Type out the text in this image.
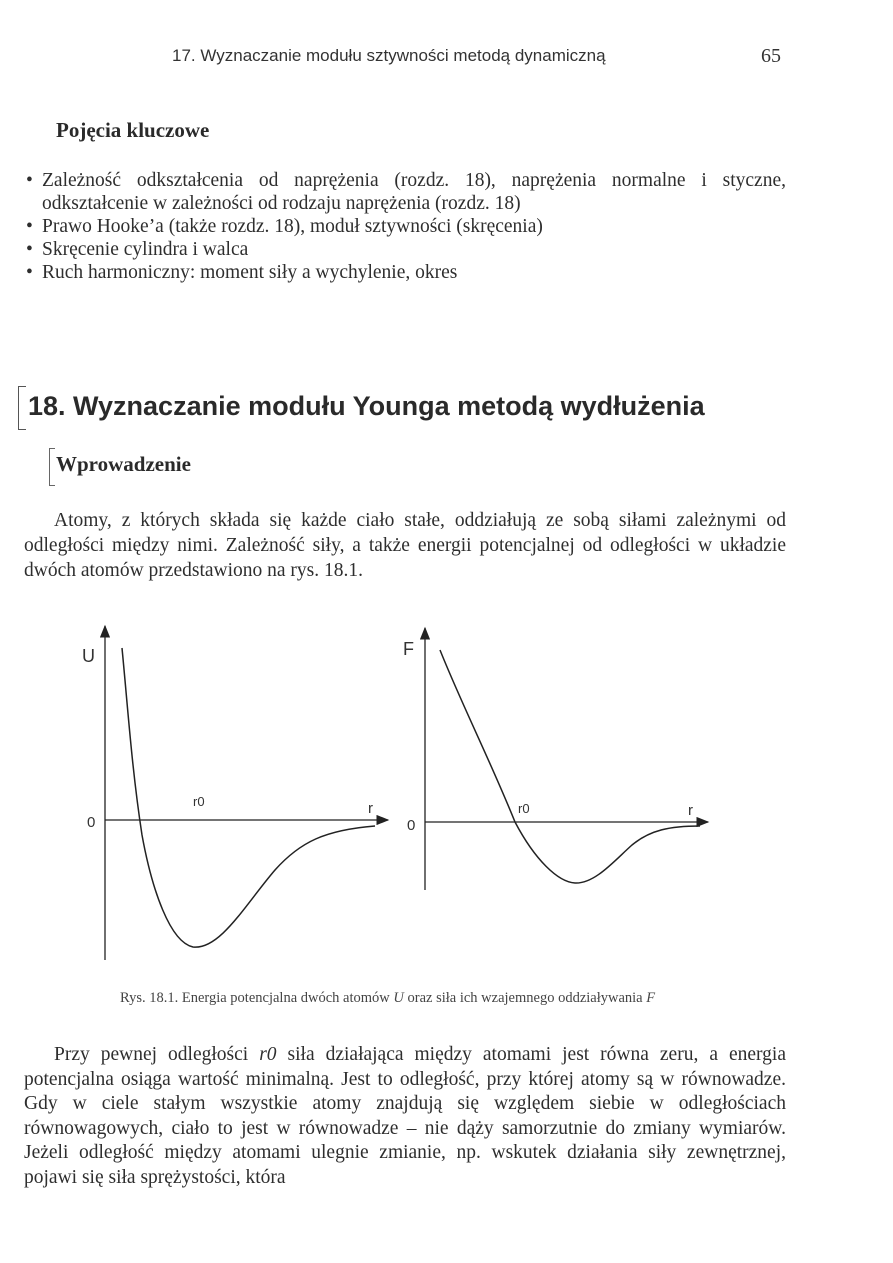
17. Wyznaczanie modułu sztywności metodą dynamiczną	65
Pojęcia kluczowe
• Zależność odkształcenia od naprężenia (rozdz. 18), naprężenia normalne i styczne, odkształcenie w zależności od rodzaju naprężenia (rozdz. 18)
• Prawo Hooke’a (także rozdz. 18), moduł sztywności (skręcenia)
• Skręcenie cylindra i walca
• Ruch harmoniczny: moment siły a wychylenie, okres
18. Wyznaczanie modułu Younga metodą wydłużenia
Wprowadzenie

Atomy, z których składa się każde ciało stałe, oddziałują ze sobą siłami zależnymi od odległości między nimi. Zależność siły, a także energii potencjalnej od odległości w układzie dwóch atomów przedstawiono na rys. 18.1.

U
0
r
r0
F
0
r
r0
Rys. 18.1. Energia potencjalna dwóch atomów U oraz siła ich wzajemnego oddziaływania F

Przy pewnej odległości r0 siła działająca między atomami jest równa zeru, a energia potencjalna osiąga wartość minimalną. Jest to odległość, przy której atomy są w równowadze. Gdy w ciele stałym wszystkie atomy znajdują się względem siebie w odległościach równowagowych, ciało to jest w równowadze – nie dąży samorzutnie do zmiany wymiarów. Jeżeli odległość między atomami ulegnie zmianie, np. wskutek działania siły zewnętrznej, pojawi się siła sprężystości, która
